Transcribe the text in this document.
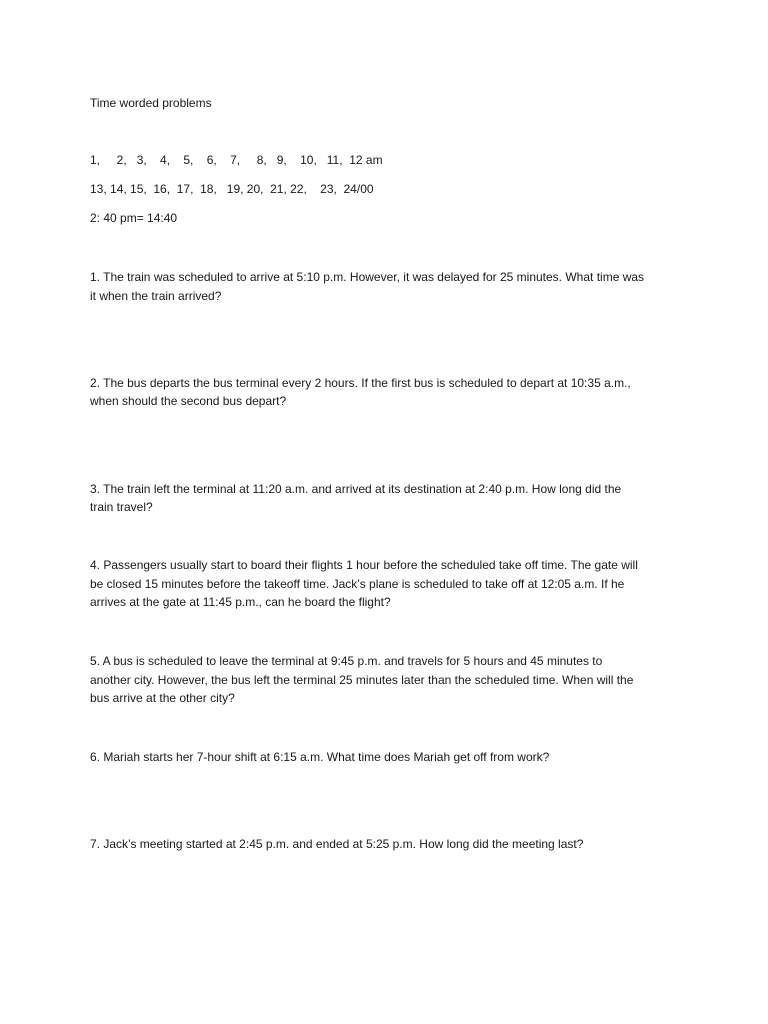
Time worded problems
1,     2,   3,    4,    5,    6,    7,     8,   9,    10,   11,  12 am
13, 14, 15,  16,  17,  18,   19, 20,  21, 22,    23,  24/00
2: 40 pm= 14:40
1. The train was scheduled to arrive at 5:10 p.m. However, it was delayed for 25 minutes. What time was
it when the train arrived?
2. The bus departs the bus terminal every 2 hours. If the first bus is scheduled to depart at 10:35 a.m.,
when should the second bus depart?
3. The train left the terminal at 11:20 a.m. and arrived at its destination at 2:40 p.m. How long did the
train travel?
4. Passengers usually start to board their flights 1 hour before the scheduled take off time. The gate will
be closed 15 minutes before the takeoff time. Jack’s plane is scheduled to take off at 12:05 a.m. If he
arrives at the gate at 11:45 p.m., can he board the flight?
5. A bus is scheduled to leave the terminal at 9:45 p.m. and travels for 5 hours and 45 minutes to
another city. However, the bus left the terminal 25 minutes later than the scheduled time. When will the
bus arrive at the other city?
6. Mariah starts her 7-hour shift at 6:15 a.m. What time does Mariah get off from work?
7. Jack’s meeting started at 2:45 p.m. and ended at 5:25 p.m. How long did the meeting last?
